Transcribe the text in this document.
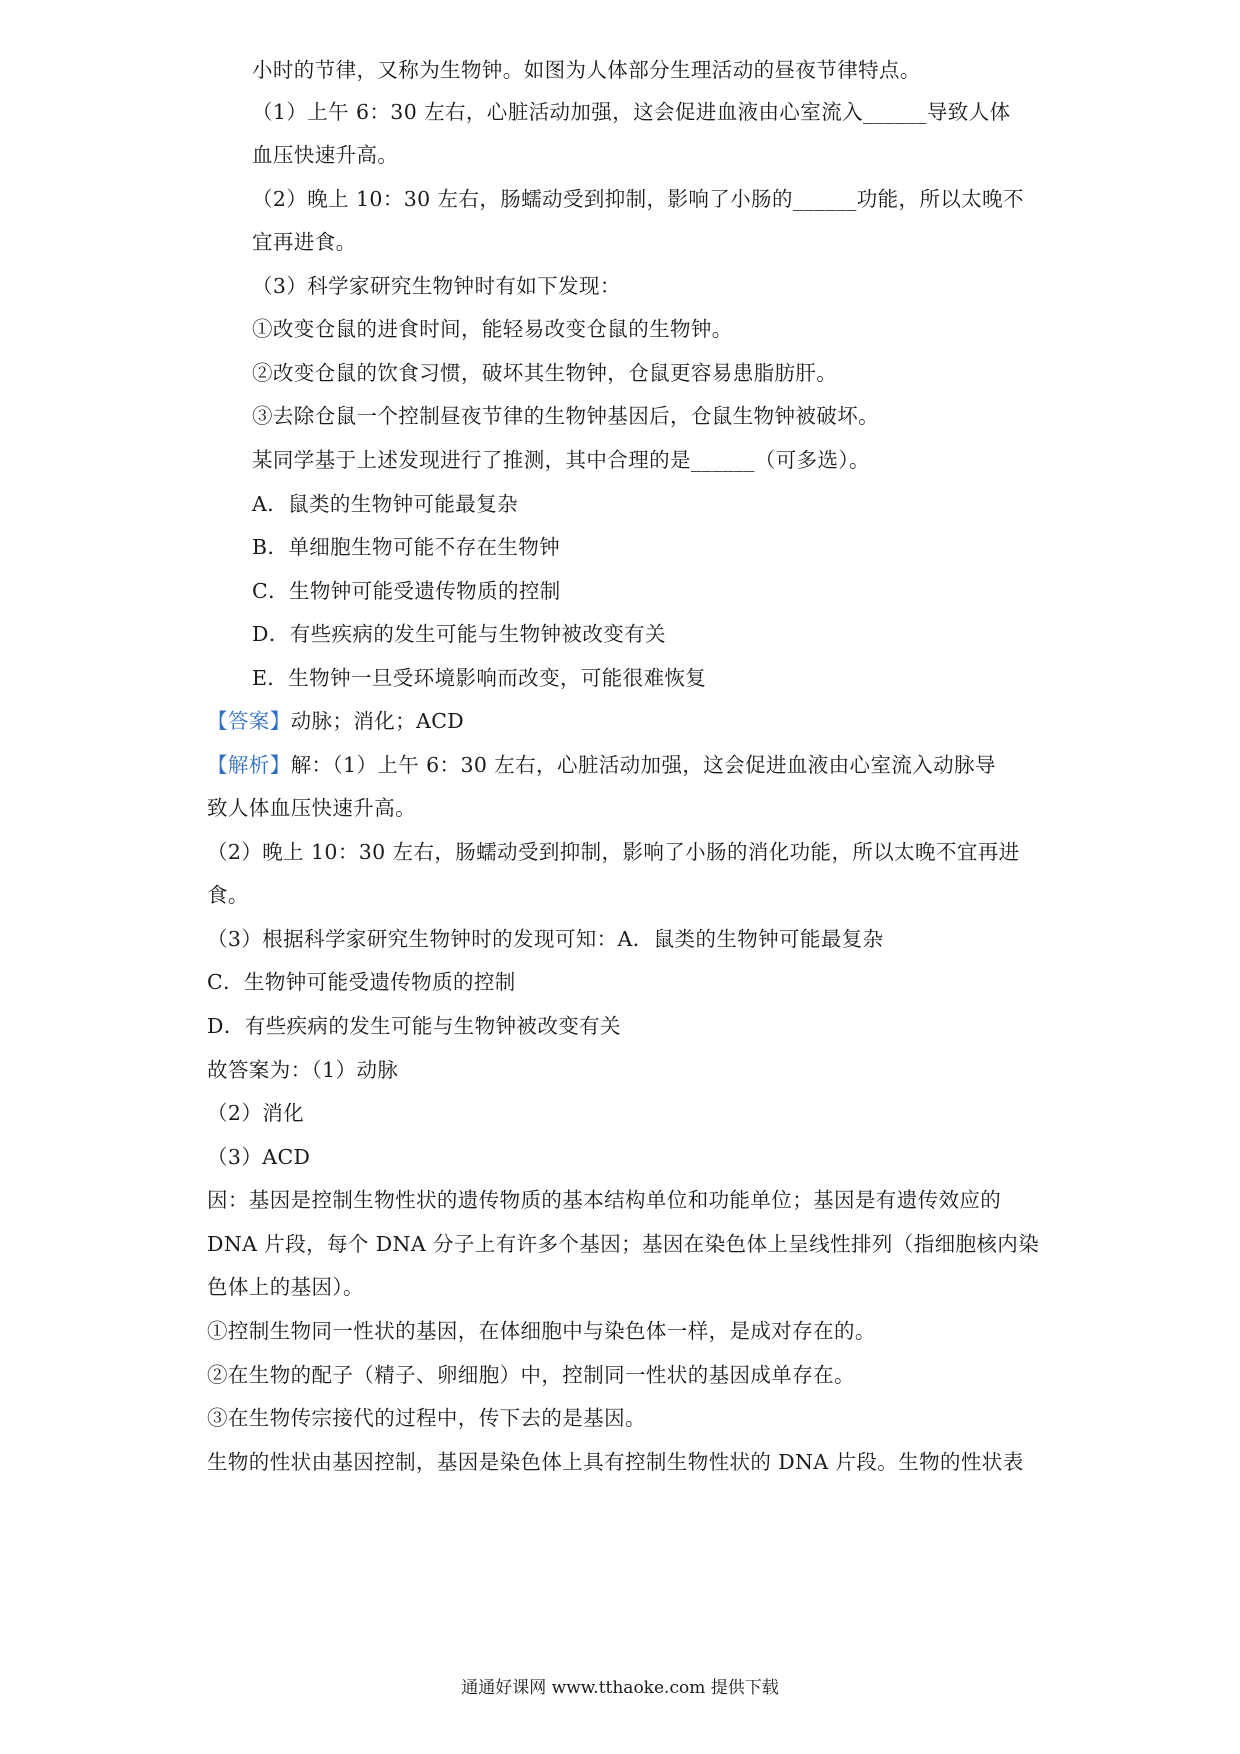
小时的节律，又称为生物钟。如图为人体部分生理活动的昼夜节律特点。
（1）上午 6：30 左右，心脏活动加强，这会促进血液由心室流入______导致人体
血压快速升高。
（2）晚上 10：30 左右，肠蠕动受到抑制，影响了小肠的______功能，所以太晚不
宜再进食。
（3）科学家研究生物钟时有如下发现：
①改变仓鼠的进食时间，能轻易改变仓鼠的生物钟。
②改变仓鼠的饮食习惯，破坏其生物钟，仓鼠更容易患脂肪肝。
③去除仓鼠一个控制昼夜节律的生物钟基因后，仓鼠生物钟被破坏。
某同学基于上述发现进行了推测，其中合理的是______（可多选）。
A．鼠类的生物钟可能最复杂
B．单细胞生物可能不存在生物钟
C．生物钟可能受遗传物质的控制
D．有些疾病的发生可能与生物钟被改变有关
E．生物钟一旦受环境影响而改变，可能很难恢复
【答案】动脉；消化；ACD
【解析】解：（1）上午 6：30 左右，心脏活动加强，这会促进血液由心室流入动脉导
致人体血压快速升高。
（2）晚上 10：30 左右，肠蠕动受到抑制，影响了小肠的消化功能，所以太晚不宜再进
食。
（3）根据科学家研究生物钟时的发现可知：A．鼠类的生物钟可能最复杂
C．生物钟可能受遗传物质的控制
D．有些疾病的发生可能与生物钟被改变有关
故答案为：（1）动脉
（2）消化
（3）ACD
因：基因是控制生物性状的遗传物质的基本结构单位和功能单位；基因是有遗传效应的
DNA 片段，每个 DNA 分子上有许多个基因；基因在染色体上呈线性排列（指细胞核内染
色体上的基因）。
①控制生物同一性状的基因，在体细胞中与染色体一样，是成对存在的。
②在生物的配子（精子、卵细胞）中，控制同一性状的基因成单存在。
③在生物传宗接代的过程中，传下去的是基因。
生物的性状由基因控制，基因是染色体上具有控制生物性状的 DNA 片段。生物的性状表
通通好课网 www.tthaoke.com 提供下载
